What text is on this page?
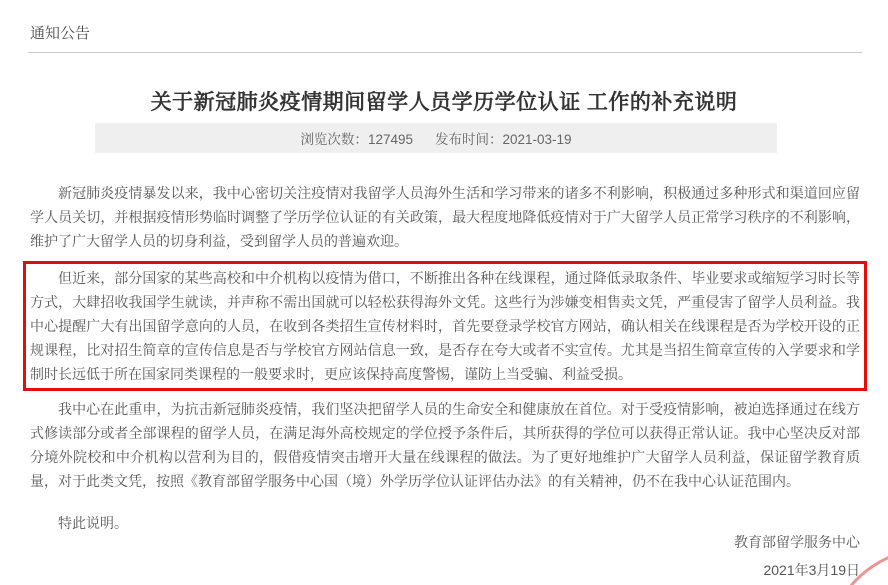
通知公告
关于新冠肺炎疫情期间留学人员学历学位认证 工作的补充说明
浏览次数：127495 发布时间：2021-03-19

新冠肺炎疫情暴发以来，我中心密切关注疫情对我留学人员海外生活和学习带来的诸多不利影响，积极通过多种形式和渠道回应留学人员关切，并根据疫情形势临时调整了学历学位认证的有关政策，最大程度地降低疫情对于广大留学人员正常学习秩序的不利影响，维护了广大留学人员的切身利益，受到留学人员的普遍欢迎。

但近来，部分国家的某些高校和中介机构以疫情为借口，不断推出各种在线课程，通过降低录取条件、毕业要求或缩短学习时长等方式，大肆招收我国学生就读，并声称不需出国就可以轻松获得海外文凭。这些行为涉嫌变相售卖文凭，严重侵害了留学人员利益。我中心提醒广大有出国留学意向的人员，在收到各类招生宣传材料时，首先要登录学校官方网站，确认相关在线课程是否为学校开设的正规课程，比对招生简章的宣传信息是否与学校官方网站信息一致，是否存在夸大或者不实宣传。尤其是当招生简章宣传的入学要求和学制时长远低于所在国家同类课程的一般要求时，更应该保持高度警惕，谨防上当受骗、利益受损。

我中心在此重申，为抗击新冠肺炎疫情，我们坚决把留学人员的生命安全和健康放在首位。对于受疫情影响，被迫选择通过在线方式修读部分或者全部课程的留学人员，在满足海外高校规定的学位授予条件后，其所获得的学位可以获得正常认证。我中心坚决反对部分境外院校和中介机构以营利为目的，假借疫情突击增开大量在线课程的做法。为了更好地维护广大留学人员利益，保证留学教育质量，对于此类文凭，按照《教育部留学服务中心国（境）外学历学位认证评估办法》的有关精神，仍不在我中心认证范围内。

特此说明。

教育部留学服务中心
2021年3月19日
